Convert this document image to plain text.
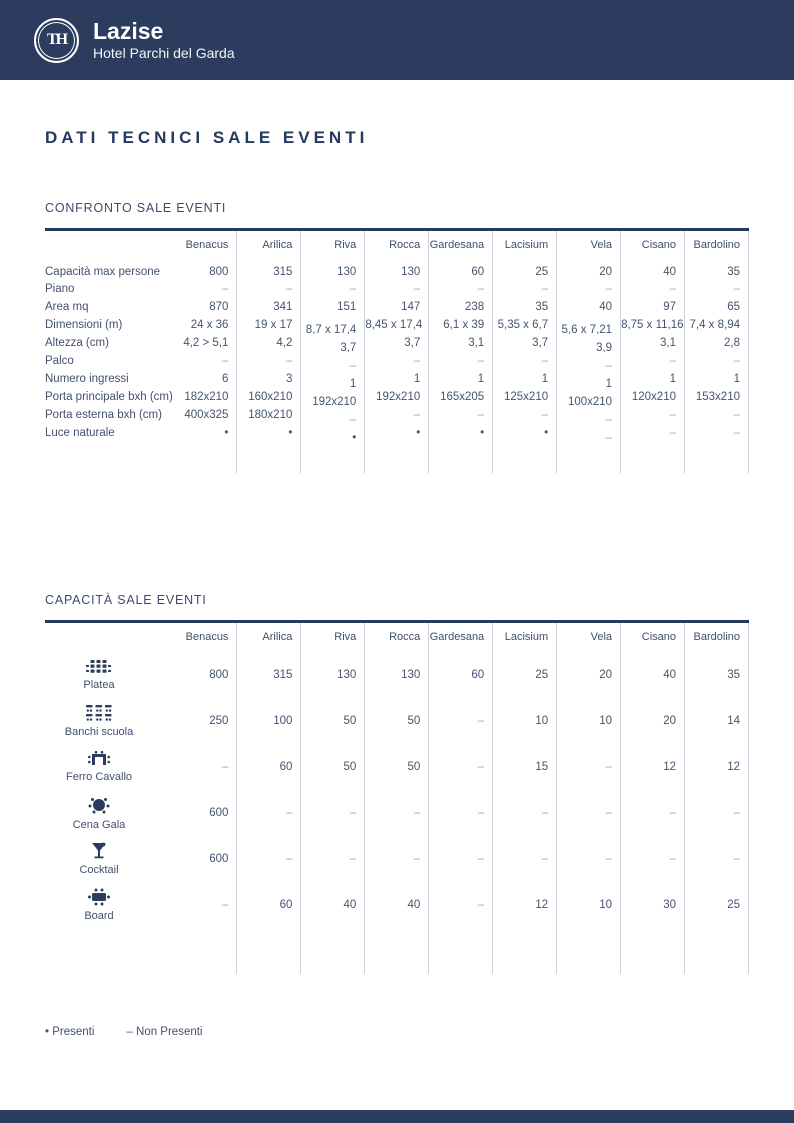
TH Lazise
Hotel Parchi del Garda
DATI TECNICI SALE EVENTI
CONFRONTO SALE EVENTI
	Benacus	Arilica	Riva	Rocca	Gardesana	Lacisium	Vela	Cisano	Bardolino
Capacità max persone	800	315	130	130	60	25	20	40	35
Piano	–	–	–	–	–	–	–	–	–
Area mq	870	341	151	147	238	35	40	97	65
Dimensioni (m)	24 x 36	19 x 17	8,7 x 17,4	8,45 x 17,4	6,1 x 39	5,35 x 6,7	5,6 x 7,21	8,75 x 11,16	7,4 x 8,94
Altezza (cm)	4,2 > 5,1	4,2	3,7	3,7	3,1	3,7	3,9	3,1	2,8
Palco	–	–	–	–	–	–	–	–	–
Numero ingressi	6	3	1	1	1	1	1	1	1
Porta principale bxh (cm)	182x210	160x210	192x210	192x210	165x205	125x210	100x210	120x210	153x210
Porta esterna bxh (cm)	400x325	180x210	–	–	–	–	–	–	–
Luce naturale	•	•	•	•	•	•	–	–	–

CAPACITÀ SALE EVENTI
	Benacus	Arilica	Riva	Rocca	Gardesana	Lacisium	Vela	Cisano	Bardolino

Platea	800	315	130	130	60	25	20	40	35

Banchi scuola	250	100	50	50	–	10	10	20	14

Ferro Cavallo	–	60	50	50	–	15	–	12	12

Cena Gala	600	–	–	–	–	–	–	–	–

Cocktail	600	–	–	–	–	–	–	–	–

Board	–	60	40	40	–	12	10	30	25

• Presenti	– Non Presenti
